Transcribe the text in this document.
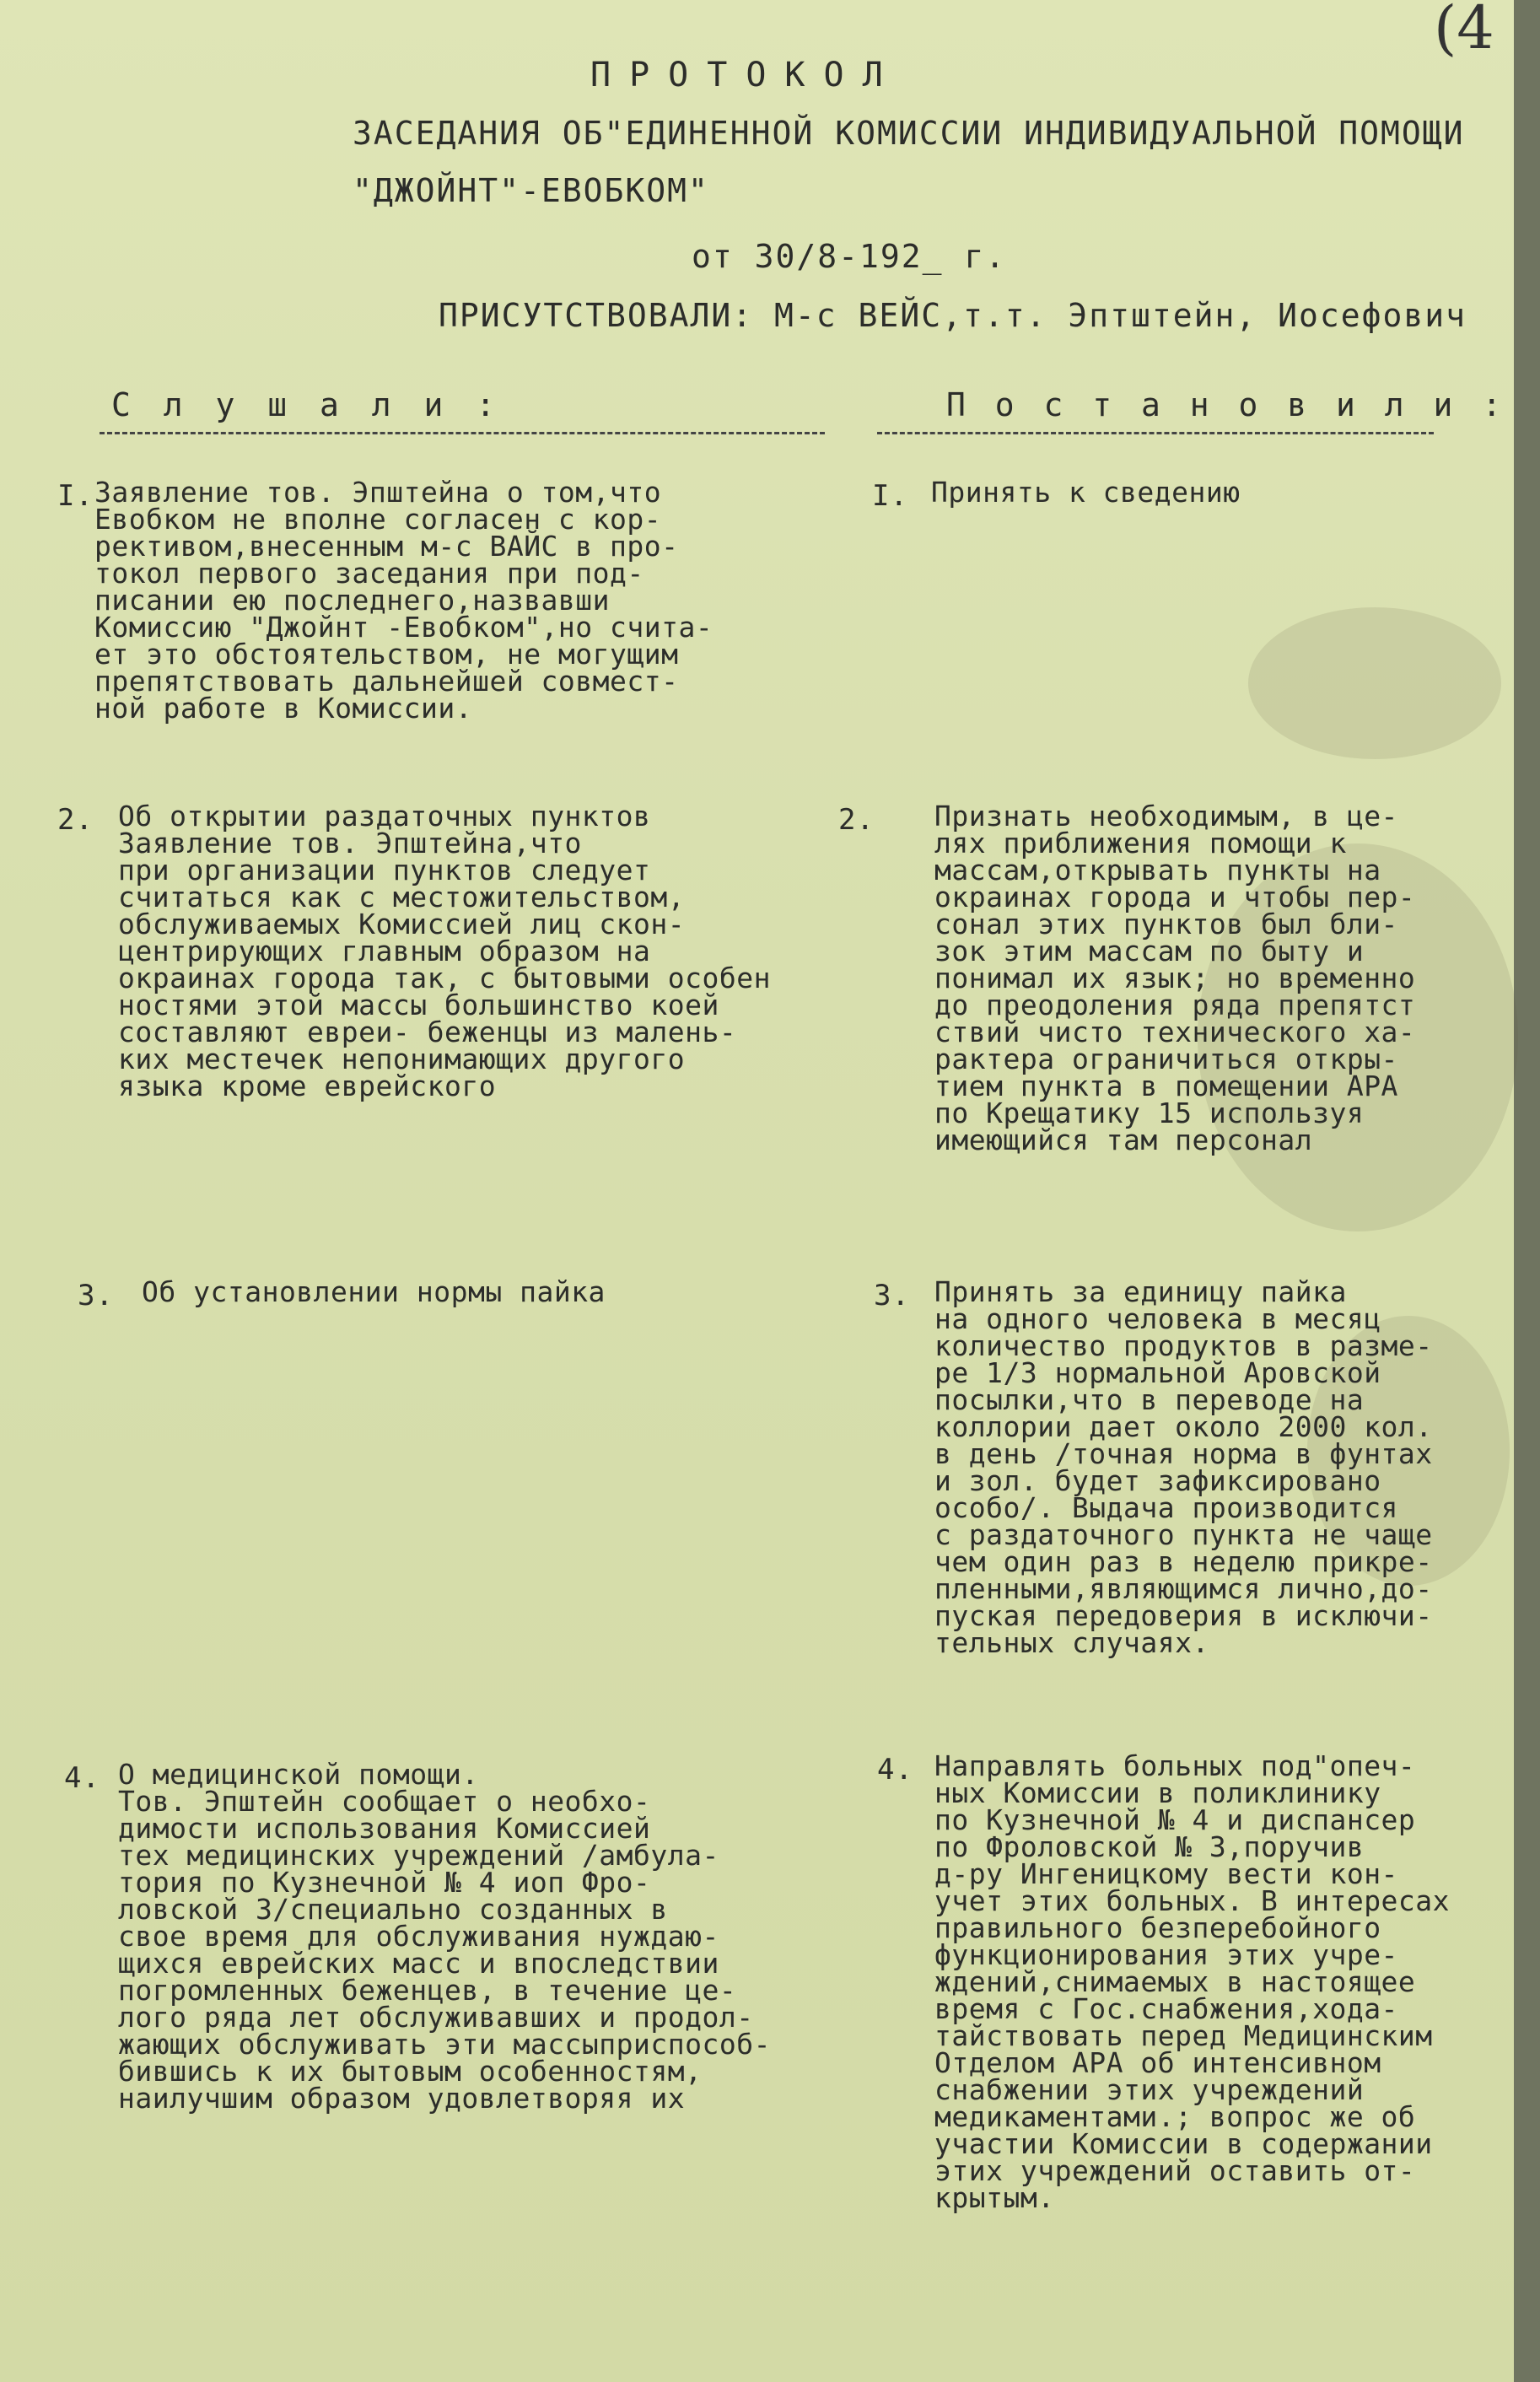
(4
ПРОТОКОЛ
ЗАСЕДАНИЯ ОБ"ЕДИНЕННОЙ КОМИССИИ ИНДИВИДУАЛЬНОЙ ПОМОЩИ
"ДЖОЙНТ"-ЕВОБКОМ"
от 30/8-192_ г.
ПРИСУТСТВОВАЛИ: М-с ВЕЙС,т.т. Эптштейн, Иосефович
С л у ш а л и :	П о с т а н о в и л и :
I. Заявление тов. Эпштейна о том,что
Евобком не вполне согласен с кор-
рективом,внесенным м-с ВАЙС в про-
токол первого заседания при под-
писании ею последнего,назвавши
Комиссию "Джойнт -Евобком",но счита-
ет это обстоятельством, не могущим
препятствовать дальнейшей совмест-
ной работе в Комиссии.
I. Принять к сведению
2. Об открытии раздаточных пунктов
Заявление тов. Эпштейна,что
при организации пунктов следует
считаться как с местожительством,
обслуживаемых Комиссией лиц скон-
центрирующих главным образом на
окраинах города так, с бытовыми особен
ностями этой массы большинство коей
составляют евреи- беженцы из малень-
ких местечек непонимающих другого
языка кроме еврейского
2. Признать необходимым, в це-
лях приближения помощи к
массам,открывать пункты на
окраинах города и чтобы пер-
сонал этих пунктов был бли-
зок этим массам по быту и
понимал их язык; но временно
до преодоления ряда препятст
ствий чисто технического ха-
рактера ограничиться откры-
тием пункта в помещении АРА
по Крещатику 15 используя
имеющийся там персонал
3. Об установлении нормы пайка	3. Принять за единицу пайка
на одного человека в месяц
количество продуктов в разме-
ре 1/3 нормальной Аровской
посылки,что в переводе на
коллории дает около 2000 кол.
в день /точная норма в фунтах
и зол. будет зафиксировано
особо/. Выдача производится
с раздаточного пункта не чаще
чем один раз в неделю прикре-
пленными,являющимся лично,до-
пуская передоверия в исключи-
тельных случаях.
4. О медицинской помощи.
Тов. Эпштейн сообщает о необхо-
димости использования Комиссией
тех медицинских учреждений /амбула-
тория по Кузнечной № 4 иоп Фро-
ловской 3/специально созданных в
свое время для обслуживания нуждаю-
щихся еврейских масс и впоследствии
погромленных беженцев, в течение це-
лого ряда лет обслуживавших и продол-
жающих обслуживать эти массыприспособ-
бившись к их бытовым особенностям,
наилучшим образом удовлетворяя их
4. Направлять больных под"опеч-
ных Комиссии в поликлинику
по Кузнечной № 4 и диспансер
по Фроловской № 3,поручив
д-ру Ингеницкому вести кон-
учет этих больных. В интересах
правильного безперебойного
функционирования этих учре-
ждений,снимаемых в настоящее
время с Гос.снабжения,хода-
тайствовать перед Медицинским
Отделом АРА об интенсивном
снабжении этих учреждений
медикаментами.; вопрос же об
участии Комиссии в содержании
этих учреждений оставить от-
крытым.
